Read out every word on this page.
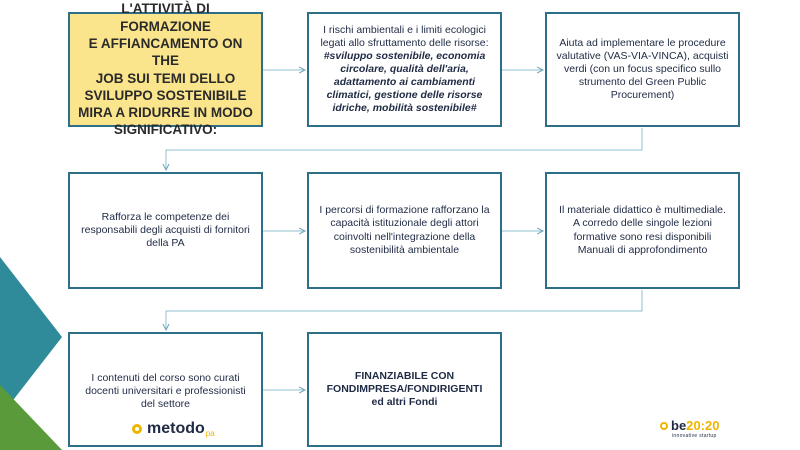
L'ATTIVITÀ DI FORMAZIONE
E AFFIANCAMENTO ON THE
JOB SUI TEMI DELLO
SVILUPPO SOSTENIBILE
MIRA A RIDURRE IN MODO
SIGNIFICATIVO:
I rischi ambientali e i limiti ecologici legati allo sfruttamento delle risorse: #sviluppo sostenibile, economia circolare, qualità dell'aria, adattamento ai cambiamenti climatici, gestione delle risorse idriche, mobilità sostenibile#
Aiuta ad implementare le procedure valutative (VAS-VIA-VINCA), acquisti verdi (con un focus specifico sullo strumento del Green Public Procurement)
Rafforza le competenze dei responsabili degli acquisti di fornitori della PA
I percorsi di formazione rafforzano la capacità istituzionale degli attori coinvolti nell'integrazione della sostenibilità ambientale
Il materiale didattico è multimediale. A corredo delle singole lezioni formative sono resi disponibili Manuali di approfondimento
I contenuti del corso sono curati docenti universitari e professionisti del settore
FINANZIABILE CON
FONDIMPRESA/FONDIRIGENTI
ed altri Fondi
metodo pa	be 20:20
innovative startup
